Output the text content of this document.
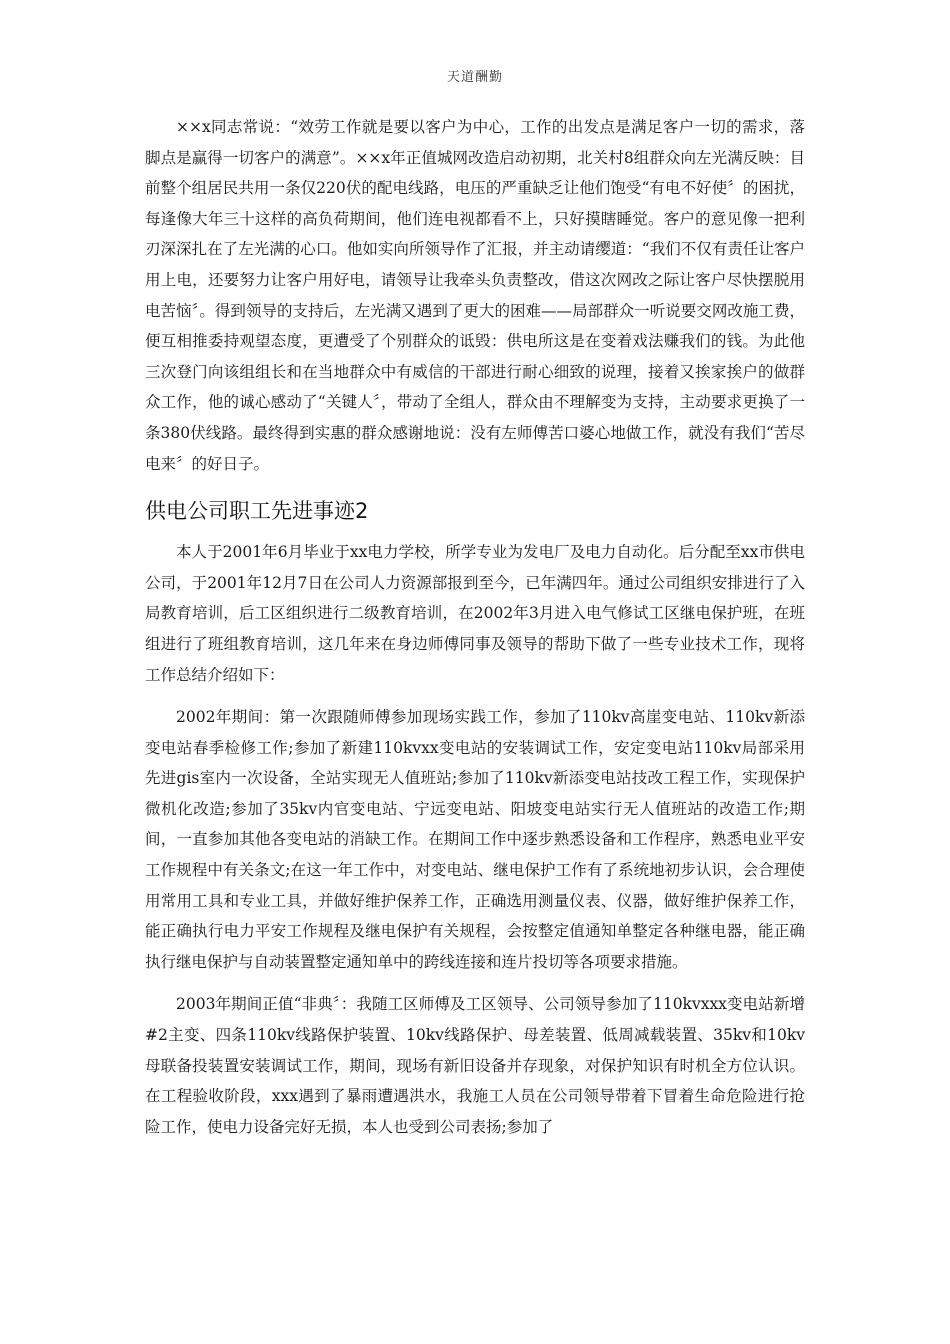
天道酬勤

××x同志常说：“效劳工作就是要以客户为中心，工作的出发点是满足客户一切的需求，落脚点是赢得一切客户的满意”。××x年正值城网改造启动初期，北关村8组群众向左光满反映：目前整个组居民共用一条仅220伏的配电线路，电压的严重缺乏让他们饱受“有电不好使〞的困扰，每逢像大年三十这样的高负荷期间，他们连电视都看不上，只好摸瞎睡觉。客户的意见像一把利刃深深扎在了左光满的心口。他如实向所领导作了汇报，并主动请缨道：“我们不仅有责任让客户用上电，还要努力让客户用好电，请领导让我牵头负责整改，借这次网改之际让客户尽快摆脱用电苦恼〞。得到领导的支持后，左光满又遇到了更大的困难——局部群众一听说要交网改施工费，便互相推委持观望态度，更遭受了个别群众的诋毁：供电所这是在变着戏法赚我们的钱。为此他三次登门向该组组长和在当地群众中有威信的干部进行耐心细致的说理，接着又挨家挨户的做群众工作，他的诚心感动了“关键人〞，带动了全组人，群众由不理解变为支持，主动要求更换了一条380伏线路。最终得到实惠的群众感谢地说：没有左师傅苦口婆心地做工作，就没有我们“苦尽电来〞的好日子。

供电公司职工先进事迹2

本人于2001年6月毕业于xx电力学校，所学专业为发电厂及电力自动化。后分配至xx市供电公司，于2001年12月7日在公司人力资源部报到至今，已年满四年。通过公司组织安排进行了入局教育培训，后工区组织进行二级教育培训，在2002年3月进入电气修试工区继电保护班，在班组进行了班组教育培训，这几年来在身边师傅同事及领导的帮助下做了一些专业技术工作，现将工作总结介绍如下：

2002年期间：第一次跟随师傅参加现场实践工作，参加了110kv高崖变电站、110kv新添变电站春季检修工作;参加了新建110kvxx变电站的安装调试工作，安定变电站110kv局部采用先进gis室内一次设备，全站实现无人值班站;参加了110kv新添变电站技改工程工作，实现保护微机化改造;参加了35kv内官变电站、宁远变电站、阳坡变电站实行无人值班站的改造工作;期间，一直参加其他各变电站的消缺工作。在期间工作中逐步熟悉设备和工作程序，熟悉电业平安工作规程中有关条文;在这一年工作中，对变电站、继电保护工作有了系统地初步认识，会合理使用常用工具和专业工具，并做好维护保养工作，正确选用测量仪表、仪器，做好维护保养工作，能正确执行电力平安工作规程及继电保护有关规程，会按整定值通知单整定各种继电器，能正确执行继电保护与自动装置整定通知单中的跨线连接和连片投切等各项要求措施。

2003年期间正值“非典〞：我随工区师傅及工区领导、公司领导参加了110kvxxx变电站新增#2主变、四条110kv线路保护装置、10kv线路保护、母差装置、低周减载装置、35kv和10kv母联备投装置安装调试工作，期间，现场有新旧设备并存现象，对保护知识有时机全方位认识。在工程验收阶段，xxx遇到了暴雨遭遇洪水，我施工人员在公司领导带着下冒着生命危险进行抢险工作，使电力设备完好无损，本人也受到公司表扬;参加了
